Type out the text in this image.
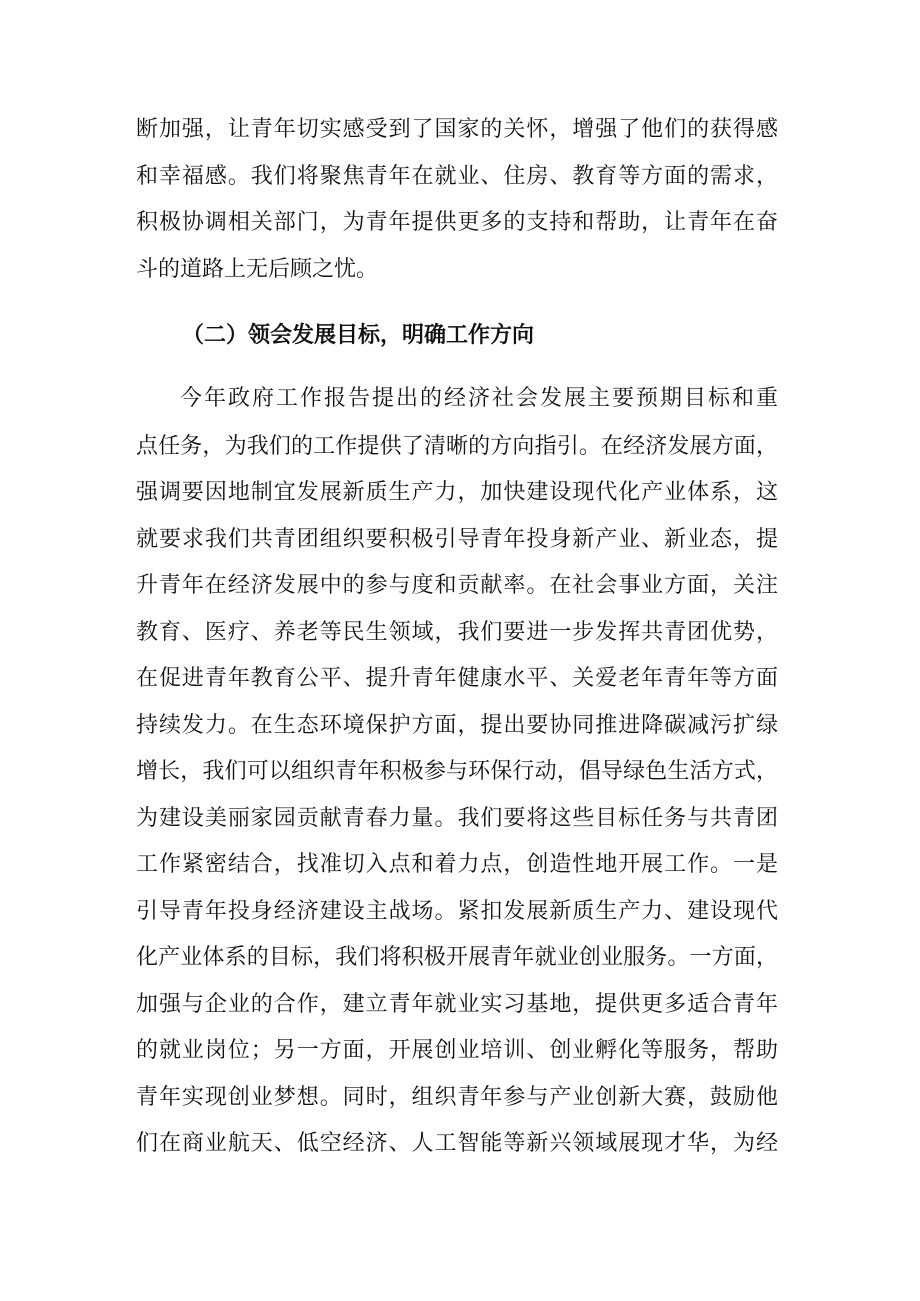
断加强，让青年切实感受到了国家的关怀，增强了他们的获得感
和幸福感。我们将聚焦青年在就业、住房、教育等方面的需求，
积极协调相关部门，为青年提供更多的支持和帮助，让青年在奋
斗的道路上无后顾之忧。
（二）领会发展目标，明确工作方向
今年政府工作报告提出的经济社会发展主要预期目标和重
点任务，为我们的工作提供了清晰的方向指引。在经济发展方面，
强调要因地制宜发展新质生产力，加快建设现代化产业体系，这
就要求我们共青团组织要积极引导青年投身新产业、新业态，提
升青年在经济发展中的参与度和贡献率。在社会事业方面，关注
教育、医疗、养老等民生领域，我们要进一步发挥共青团优势，
在促进青年教育公平、提升青年健康水平、关爱老年青年等方面
持续发力。在生态环境保护方面，提出要协同推进降碳减污扩绿
增长，我们可以组织青年积极参与环保行动，倡导绿色生活方式，
为建设美丽家园贡献青春力量。我们要将这些目标任务与共青团
工作紧密结合，找准切入点和着力点，创造性地开展工作。一是
引导青年投身经济建设主战场。紧扣发展新质生产力、建设现代
化产业体系的目标，我们将积极开展青年就业创业服务。一方面，
加强与企业的合作，建立青年就业实习基地，提供更多适合青年
的就业岗位；另一方面，开展创业培训、创业孵化等服务，帮助
青年实现创业梦想。同时，组织青年参与产业创新大赛，鼓励他
们在商业航天、低空经济、人工智能等新兴领域展现才华，为经
